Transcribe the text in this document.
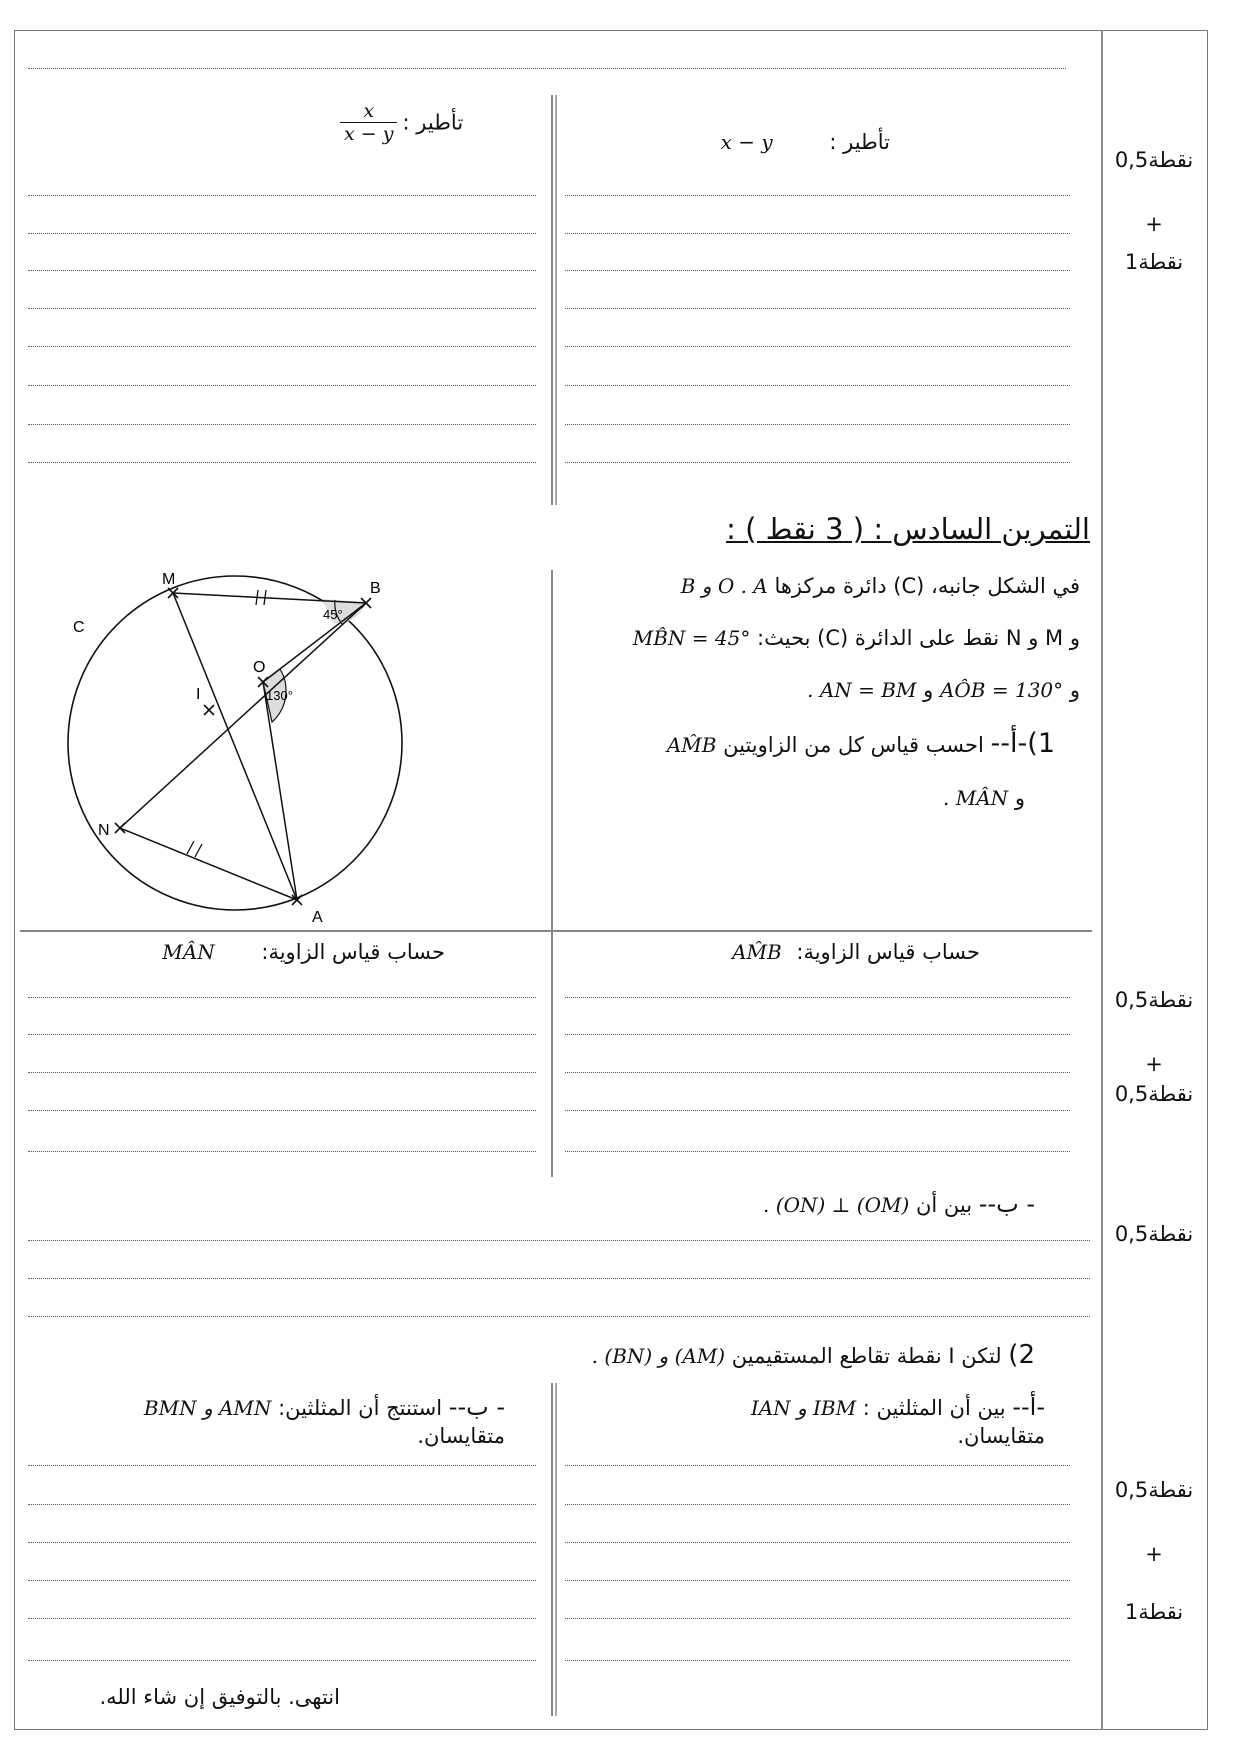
تأطير : x − y
تأطير :
$\frac{x}{x - y}$
0,5نقطة
+
1نقطة
التمرين السادس : ( 3 نقط ) :
في الشكل جانبه، (C) دائرة مركزها O . A و B
و M و N نقط على الدائرة (C) بحيث: MB̂N = 45°
و AÔB = 130° و AN = BM .
1)-أ-- احسب قياس كل من الزاويتين AM̂B
و MÂN .
C
M
B
I
O
N
A
45°
130°
حساب قياس الزاوية: AM̂B
حساب قياس الزاوية: MÂN
0,5نقطة
+
0,5نقطة
- ب-- بين أن (OM) ⊥ (ON) .
0,5نقطة
2) لتكن I نقطة تقاطع المستقيمين (AM) و (BN) .
-أ-- بين أن المثلثين : IBM و IAN
متقايسان.
- ب-- استنتج أن المثلثين: AMN و BMN
متقايسان.
0,5نقطة
+
1نقطة
انتهى. بالتوفيق إن شاء الله.
